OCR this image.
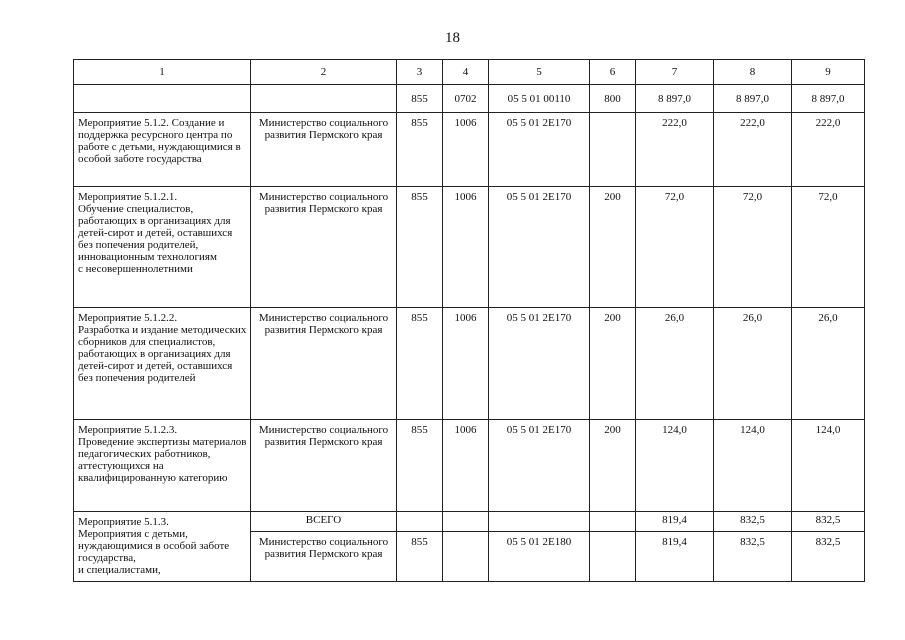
18
1	2	3	4	5	6	7	8	9
		855	0702	05 5 01 00110	800	8 897,0	8 897,0	8 897,0
Мероприятие 5.1.2. Создание и поддержка ресурсного центра по работе с детьми, нуждающимися в особой заботе государства	Министерство социального развития Пермского края	855	1006	05 5 01 2Е170		222,0	222,0	222,0
Мероприятие 5.1.2.1.
Обучение специалистов, работающих в организациях для детей-сирот и детей, оставшихся без попечения родителей, инновационным технологиям
с несовершеннолетними	Министерство социального развития Пермского края	855	1006	05 5 01 2Е170	200	72,0	72,0	72,0
Мероприятие 5.1.2.2.
Разработка и издание методических сборников для специалистов, работающих в организациях для детей-сирот и детей, оставшихся без попечения родителей	Министерство социального развития Пермского края	855	1006	05 5 01 2Е170	200	26,0	26,0	26,0
Мероприятие 5.1.2.3.
Проведение экспертизы материалов педагогических работников, аттестующихся на квалифицированную категорию	Министерство социального развития Пермского края	855	1006	05 5 01 2Е170	200	124,0	124,0	124,0
Мероприятие 5.1.3.
Мероприятия с детьми, нуждающимися в особой заботе государства,
и специалистами,	ВСЕГО					819,4	832,5	832,5
	Министерство социального развития Пермского края	855		05 5 01 2Е180		819,4	832,5	832,5
